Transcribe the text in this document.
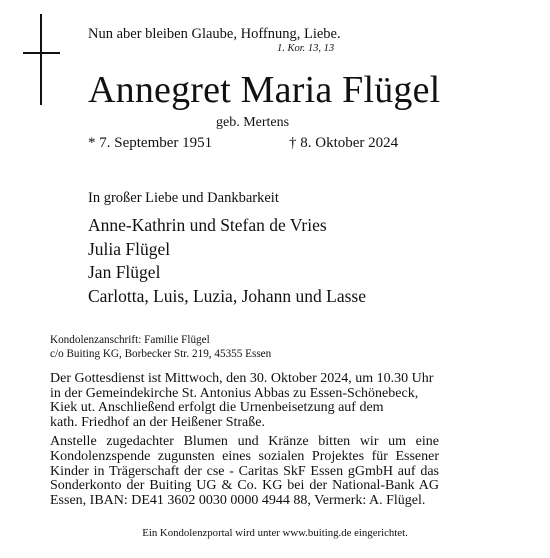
Nun aber bleiben Glaube, Hoffnung, Liebe.
1. Kor. 13, 13
Annegret Maria Flügel
geb. Mertens
* 7. September 1951	† 8. Oktober 2024
In großer Liebe und Dankbarkeit
Anne-Kathrin und Stefan de Vries
Julia Flügel
Jan Flügel
Carlotta, Luis, Luzia, Johann und Lasse
Kondolenzanschrift: Familie Flügel
c/o Buiting KG, Borbecker Str. 219, 45355 Essen
Der Gottesdienst ist Mittwoch, den 30. Oktober 2024, um 10.30 Uhr
in der Gemeindekirche St. Antonius Abbas zu Essen-Schönebeck,
Kiek ut. Anschließend erfolgt die Urnenbeisetzung auf dem
kath. Friedhof an der Heißener Straße.
Anstelle zugedachter Blumen und Kränze bitten wir um eine
Kondolenzspende zugunsten eines sozialen Projektes für Essener
Kinder in Trägerschaft der cse - Caritas SkF Essen gGmbH auf das
Sonderkonto der Buiting UG & Co. KG bei der National-Bank AG
Essen, IBAN: DE41 3602 0030 0000 4944 88, Vermerk: A. Flügel.
Ein Kondolenzportal wird unter www.buiting.de eingerichtet.
